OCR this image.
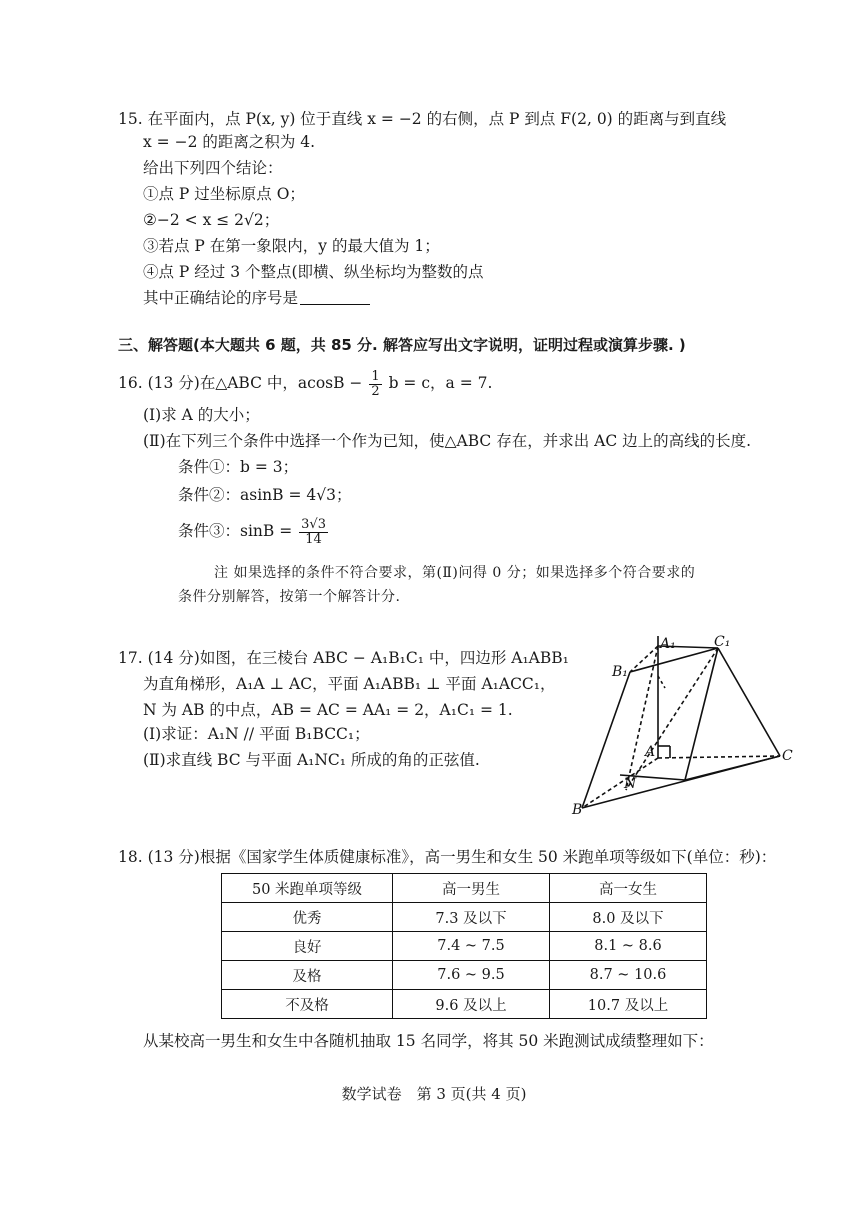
15. 在平面内，点 P(x, y) 位于直线 x = −2 的右侧，点 P 到点 F(2, 0) 的距离与到直线
x = −2 的距离之积为 4.
给出下列四个结论：
①点 P 过坐标原点 O；
②−2 < x ≤ 2√2；
③若点 P 在第一象限内，y 的最大值为 1；
④点 P 经过 3 个整点(即横、纵坐标均为整数的点
其中正确结论的序号是
三、解答题(本大题共 6 题，共 85 分. 解答应写出文字说明，证明过程或演算步骤. )
16. (13 分)在△ABC 中，$acosB - \frac{1}{2}$ b = c，a = 7.
(Ⅰ)求 A 的大小；
(Ⅱ)在下列三个条件中选择一个作为已知，使△ABC 存在，并求出 AC 边上的高线的长度.
条件①：b = 3；
条件②：asinB = 4√3；
条件③：$\sin B = \frac{3√3}{14}$
注 如果选择的条件不符合要求，第(Ⅱ)问得 0 分；如果选择多个符合要求的
条件分别解答，按第一个解答计分.
17. (14 分)如图，在三棱台 ABC − A₁B₁C₁ 中，四边形 A₁ABB₁
为直角梯形，A₁A ⊥ AC，平面 A₁ABB₁ ⊥ 平面 A₁ACC₁，
N 为 AB 的中点，AB = AC = AA₁ = 2，A₁C₁ = 1.
(Ⅰ)求证：A₁N // 平面 B₁BCC₁；
(Ⅱ)求直线 BC 与平面 A₁NC₁ 所成的角的正弦值.
A₁	C₁
B₁
A	C
N
B
18. (13 分)根据《国家学生体质健康标准》，高一男生和女生 50 米跑单项等级如下(单位：秒)：
50 米跑单项等级	高一男生	高一女生
优秀	7.3 及以下	8.0 及以下
良好	7.4 ~ 7.5	8.1 ~ 8.6
及格	7.6 ~ 9.5	8.7 ~ 10.6
不及格	9.6 及以上	10.7 及以上
从某校高一男生和女生中各随机抽取 15 名同学，将其 50 米跑测试成绩整理如下：
数学试卷　第 3 页(共 4 页)
